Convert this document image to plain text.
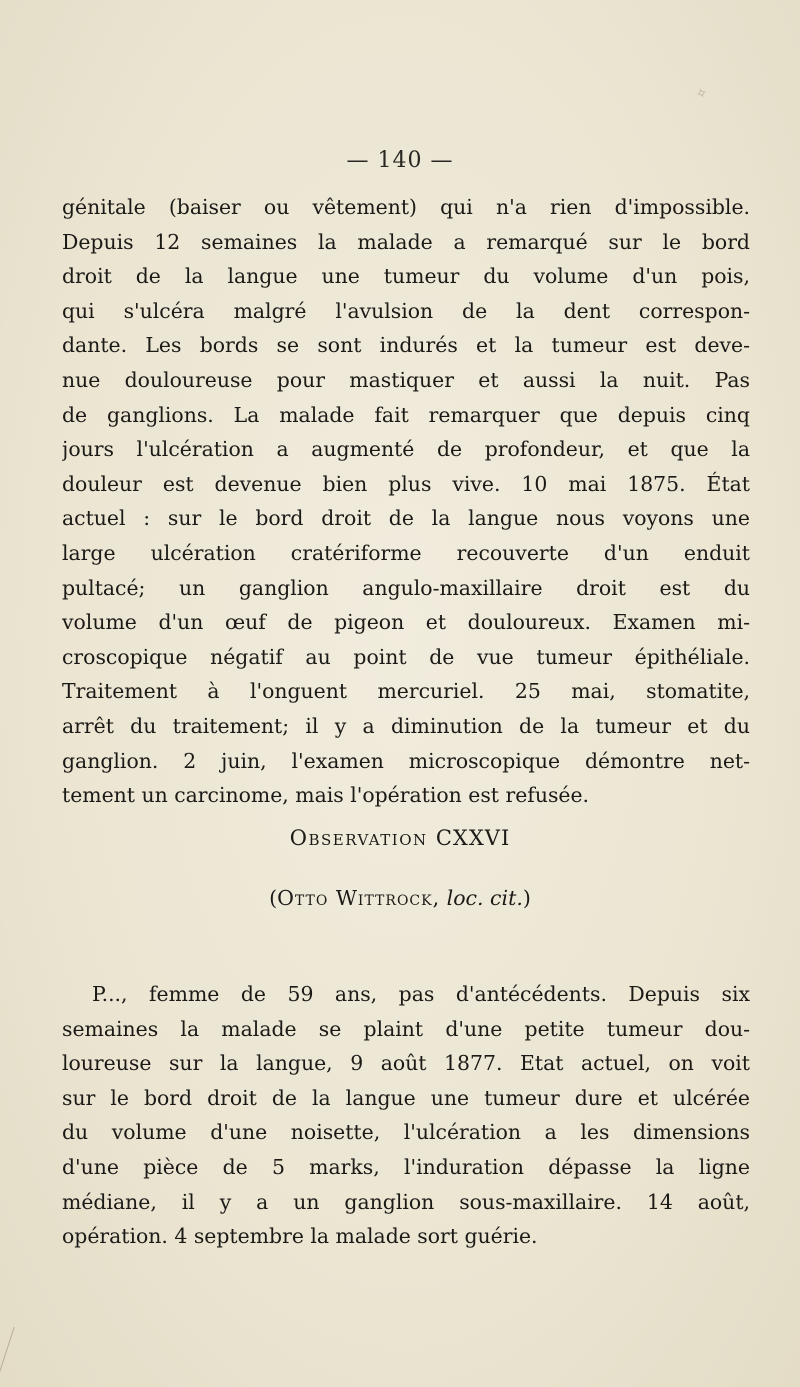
✧
— 140 —
génitale (baiser ou vêtement) qui n'a rien d'impossible.
Depuis 12 semaines la malade a remarqué sur le bord
droit de la langue une tumeur du volume d'un pois,
qui s'ulcéra malgré l'avulsion de la dent correspon-
dante. Les bords se sont indurés et la tumeur est deve-
nue douloureuse pour mastiquer et aussi la nuit. Pas
de ganglions. La malade fait remarquer que depuis cinq
jours l'ulcération a augmenté de profondeur, et que la
douleur est devenue bien plus vive. 10 mai 1875. État
actuel : sur le bord droit de la langue nous voyons une
large ulcération cratériforme recouverte d'un enduit
pultacé; un ganglion angulo-maxillaire droit est du
volume d'un œuf de pigeon et douloureux. Examen mi-
croscopique négatif au point de vue tumeur épithéliale.
Traitement à l'onguent mercuriel. 25 mai, stomatite,
arrêt du traitement; il y a diminution de la tumeur et du
ganglion. 2 juin, l'examen microscopique démontre net-
tement un carcinome, mais l'opération est refusée.
Observation CXXVI
(Otto Wittrock, loc. cit.)
P..., femme de 59 ans, pas d'antécédents. Depuis six
semaines la malade se plaint d'une petite tumeur dou-
loureuse sur la langue, 9 août 1877. Etat actuel, on voit
sur le bord droit de la langue une tumeur dure et ulcérée
du volume d'une noisette, l'ulcération a les dimensions
d'une pièce de 5 marks, l'induration dépasse la ligne
médiane, il y a un ganglion sous-maxillaire. 14 août,
opération. 4 septembre la malade sort guérie.
